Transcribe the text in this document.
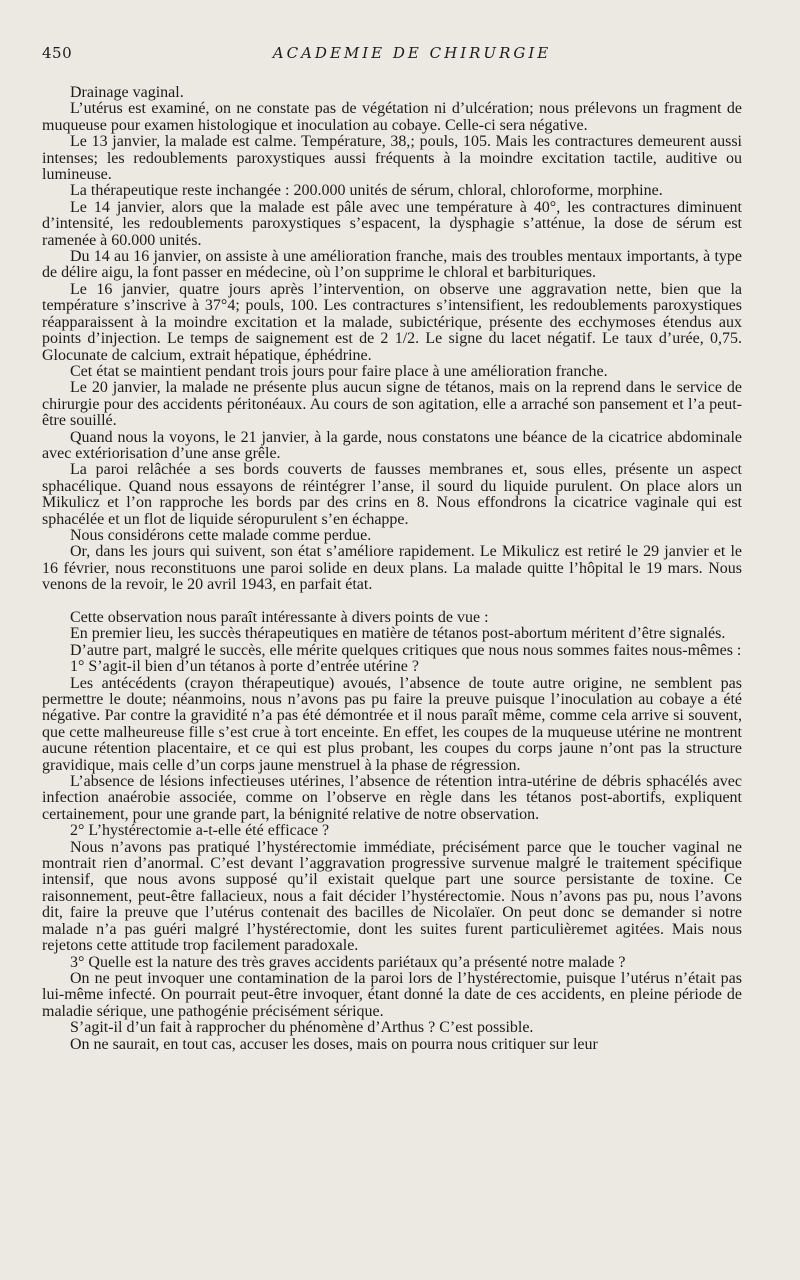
450	ACADEMIE DE CHIRURGIE

Drainage vaginal.

L’utérus est examiné, on ne constate pas de végétation ni d’ulcération; nous prélevons un fragment de muqueuse pour examen histologique et inoculation au cobaye. Celle-ci sera négative.

Le 13 janvier, la malade est calme. Température, 38,; pouls, 105. Mais les contractures demeurent aussi intenses; les redoublements paroxystiques aussi fréquents à la moindre excitation tactile, auditive ou lumineuse.

La thérapeutique reste inchangée : 200.000 unités de sérum, chloral, chloroforme, morphine.

Le 14 janvier, alors que la malade est pâle avec une température à 40°, les contractures diminuent d’intensité, les redoublements paroxystiques s’espacent, la dysphagie s’atténue, la dose de sérum est ramenée à 60.000 unités.

Du 14 au 16 janvier, on assiste à une amélioration franche, mais des troubles mentaux importants, à type de délire aigu, la font passer en médecine, où l’on supprime le chloral et barbituriques.

Le 16 janvier, quatre jours après l’intervention, on observe une aggravation nette, bien que la température s’inscrive à 37°4; pouls, 100. Les contractures s’intensifient, les redoublements paroxystiques réapparaissent à la moindre excitation et la malade, subictérique, présente des ecchymoses étendus aux points d’injection. Le temps de saignement est de 2 1/2. Le signe du lacet négatif. Le taux d’urée, 0,75. Glocunate de calcium, extrait hépatique, éphédrine.

Cet état se maintient pendant trois jours pour faire place à une amélioration franche.

Le 20 janvier, la malade ne présente plus aucun signe de tétanos, mais on la reprend dans le service de chirurgie pour des accidents péritonéaux. Au cours de son agitation, elle a arraché son pansement et l’a peut-être souillé.

Quand nous la voyons, le 21 janvier, à la garde, nous constatons une béance de la cicatrice abdominale avec extériorisation d’une anse grêle.

La paroi relâchée a ses bords couverts de fausses membranes et, sous elles, présente un aspect sphacélique. Quand nous essayons de réintégrer l’anse, il sourd du liquide purulent. On place alors un Mikulicz et l’on rapproche les bords par des crins en 8. Nous effondrons la cicatrice vaginale qui est sphacélée et un flot de liquide séropurulent s’en échappe.

Nous considérons cette malade comme perdue.

Or, dans les jours qui suivent, son état s’améliore rapidement. Le Mikulicz est retiré le 29 janvier et le 16 février, nous reconstituons une paroi solide en deux plans. La malade quitte l’hôpital le 19 mars. Nous venons de la revoir, le 20 avril 1943, en parfait état.

Cette observation nous paraît intéressante à divers points de vue :

En premier lieu, les succès thérapeutiques en matière de tétanos post-abortum méritent d’être signalés.

D’autre part, malgré le succès, elle mérite quelques critiques que nous nous sommes faites nous-mêmes :

1° S’agit-il bien d’un tétanos à porte d’entrée utérine ?

Les antécédents (crayon thérapeutique) avoués, l’absence de toute autre origine, ne semblent pas permettre le doute; néanmoins, nous n’avons pas pu faire la preuve puisque l’inoculation au cobaye a été négative. Par contre la gravidité n’a pas été démontrée et il nous paraît même, comme cela arrive si souvent, que cette malheureuse fille s’est crue à tort enceinte. En effet, les coupes de la muqueuse utérine ne montrent aucune rétention placentaire, et ce qui est plus probant, les coupes du corps jaune n’ont pas la structure gravidique, mais celle d’un corps jaune menstruel à la phase de régression.

L’absence de lésions infectieuses utérines, l’absence de rétention intra-utérine de débris sphacélés avec infection anaérobie associée, comme on l’observe en règle dans les tétanos post-abortifs, expliquent certainement, pour une grande part, la bénignité relative de notre observation.

2° L’hystérectomie a-t-elle été efficace ?

Nous n’avons pas pratiqué l’hystérectomie immédiate, précisément parce que le toucher vaginal ne montrait rien d’anormal. C’est devant l’aggravation progressive survenue malgré le traitement spécifique intensif, que nous avons supposé qu’il existait quelque part une source persistante de toxine. Ce raisonnement, peut-être fallacieux, nous a fait décider l’hystérectomie. Nous n’avons pas pu, nous l’avons dit, faire la preuve que l’utérus contenait des bacilles de Nicolaïer. On peut donc se demander si notre malade n’a pas guéri malgré l’hystérectomie, dont les suites furent particulièremet agitées. Mais nous rejetons cette attitude trop facilement paradoxale.

3° Quelle est la nature des très graves accidents pariétaux qu’a présenté notre malade ?

On ne peut invoquer une contamination de la paroi lors de l’hystérectomie, puisque l’utérus n’était pas lui-même infecté. On pourrait peut-être invoquer, étant donné la date de ces accidents, en pleine période de maladie sérique, une pathogénie précisément sérique.

S’agit-il d’un fait à rapprocher du phénomène d’Arthus ? C’est possible.

On ne saurait, en tout cas, accuser les doses, mais on pourra nous critiquer sur leur
